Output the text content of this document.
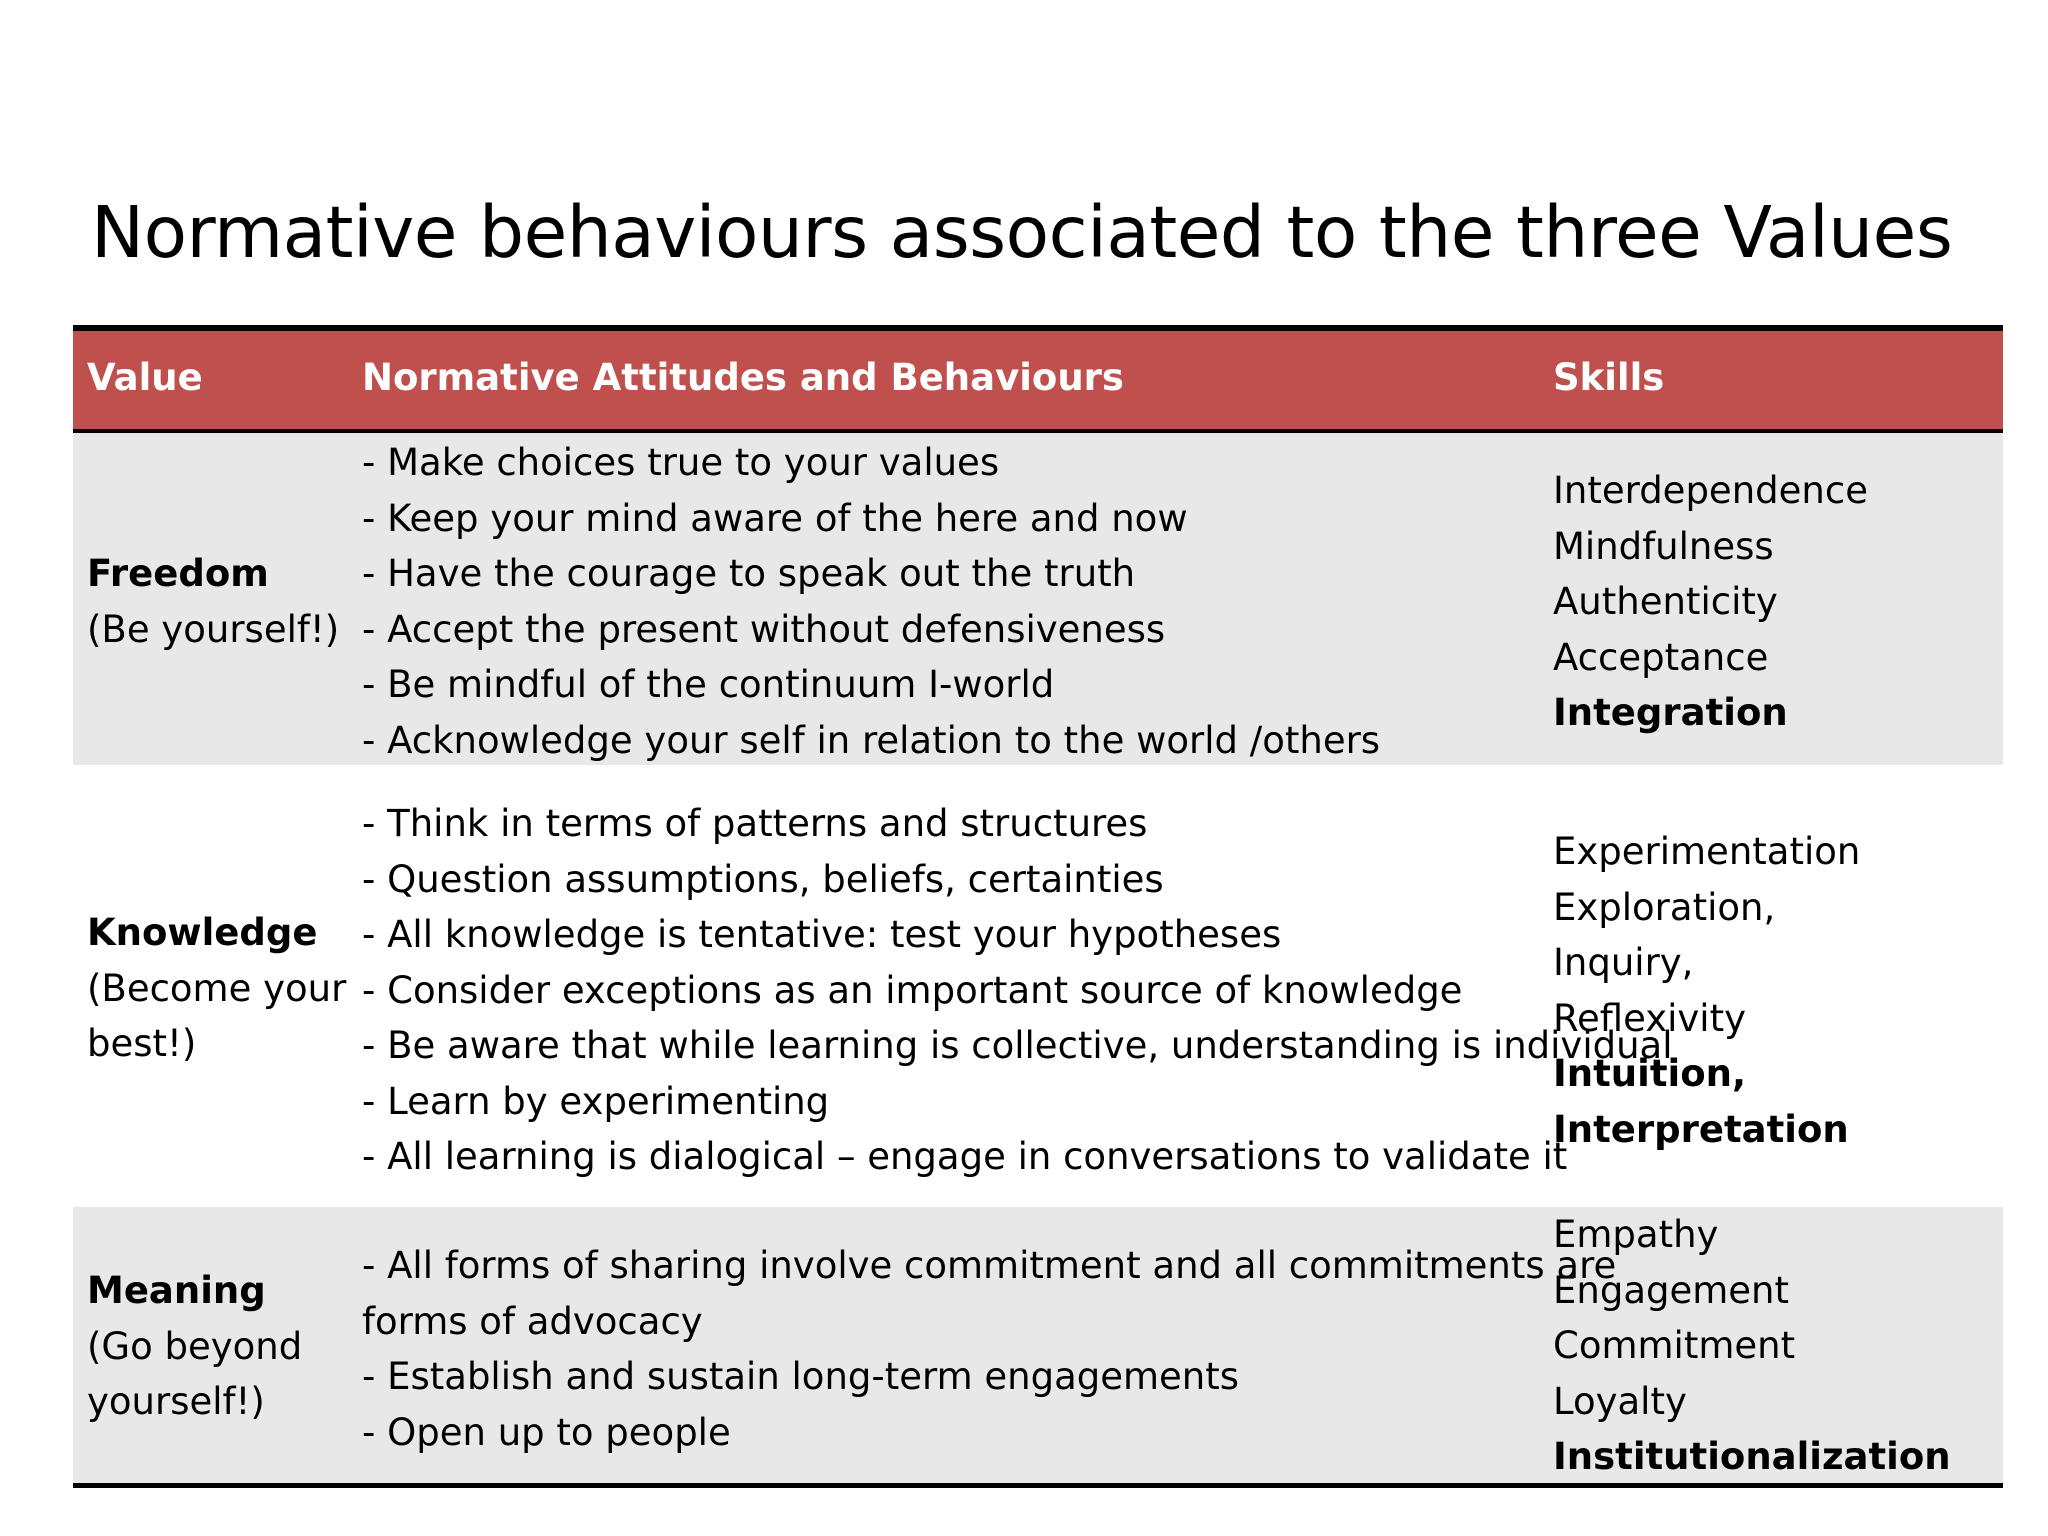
Normative behaviours associated to the three Values
Value	Normative Attitudes and Behaviours	Skills
Freedom
(Be yourself!)
- Make choices true to your values
- Keep your mind aware of the here and now
- Have the courage to speak out the truth
- Accept the present without defensiveness
- Be mindful of the continuum I-world
- Acknowledge your self in relation to the world /others
Interdependence
Mindfulness
Authenticity
Acceptance
Integration
Knowledge
(Become your
best!)
- Think in terms of patterns and structures
- Question assumptions, beliefs, certainties
- All knowledge is tentative: test your hypotheses
- Consider exceptions as an important source of knowledge
- Be aware that while learning is collective, understanding is individual
- Learn by experimenting
- All learning is dialogical – engage in conversations to validate it
Experimentation
Exploration,
Inquiry,
Reflexivity
Intuition,
Interpretation
Meaning
(Go beyond
yourself!)
- All forms of sharing involve commitment and all commitments are
forms of advocacy
- Establish and sustain long-term engagements
- Open up to people
Empathy
Engagement
Commitment
Loyalty
Institutionalization
